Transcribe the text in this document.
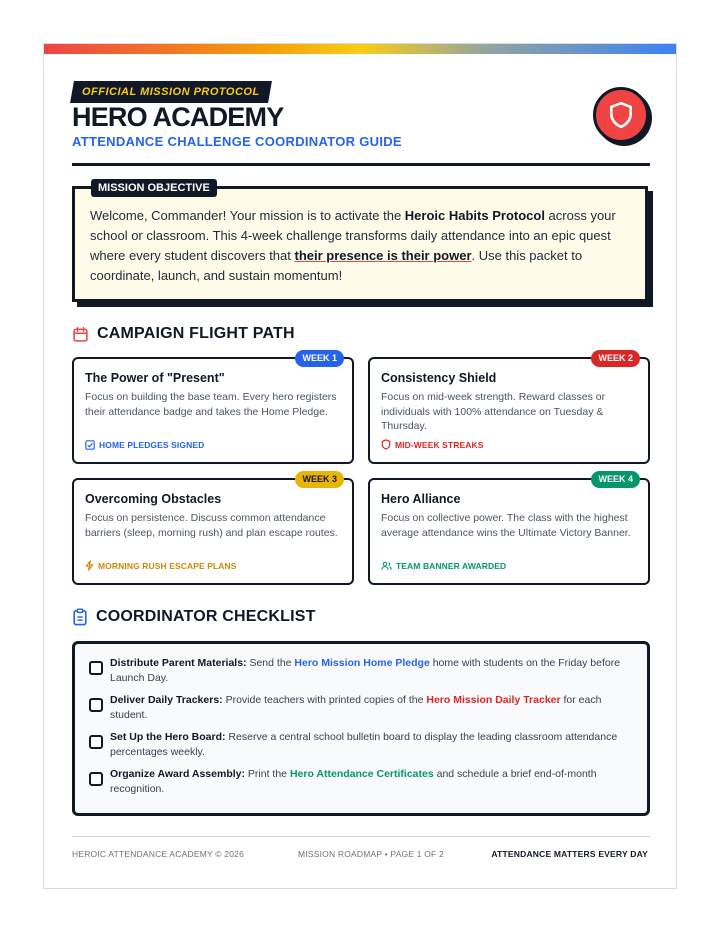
OFFICIAL MISSION PROTOCOL
HERO ACADEMY
ATTENDANCE CHALLENGE COORDINATOR GUIDE
MISSION OBJECTIVE

Welcome, Commander! Your mission is to activate the Heroic Habits Protocol across your school or classroom. This 4-week challenge transforms daily attendance into an epic quest where every student discovers that their presence is their power. Use this packet to coordinate, launch, and sustain momentum!

CAMPAIGN FLIGHT PATH
WEEK 1
The Power of "Present"
Focus on building the base team. Every hero registers their attendance badge and takes the Home Pledge.
HOME PLEDGES SIGNED
WEEK 2
Consistency Shield
Focus on mid-week strength. Reward classes or individuals with 100% attendance on Tuesday & Thursday.
MID-WEEK STREAKS
WEEK 3
Overcoming Obstacles
Focus on persistence. Discuss common attendance barriers (sleep, morning rush) and plan escape routes.
MORNING RUSH ESCAPE PLANS
WEEK 4
Hero Alliance
Focus on collective power. The class with the highest average attendance wins the Ultimate Victory Banner.
TEAM BANNER AWARDED
COORDINATOR CHECKLIST
Distribute Parent Materials: Send the Hero Mission Home Pledge home with students on the Friday before Launch Day.
Deliver Daily Trackers: Provide teachers with printed copies of the Hero Mission Daily Tracker for each student.
Set Up the Hero Board: Reserve a central school bulletin board to display the leading classroom attendance percentages weekly.
Organize Award Assembly: Print the Hero Attendance Certificates and schedule a brief end-of-month recognition.
HEROIC ATTENDANCE ACADEMY © 2026	MISSION ROADMAP • PAGE 1 OF 2	ATTENDANCE MATTERS EVERY DAY
